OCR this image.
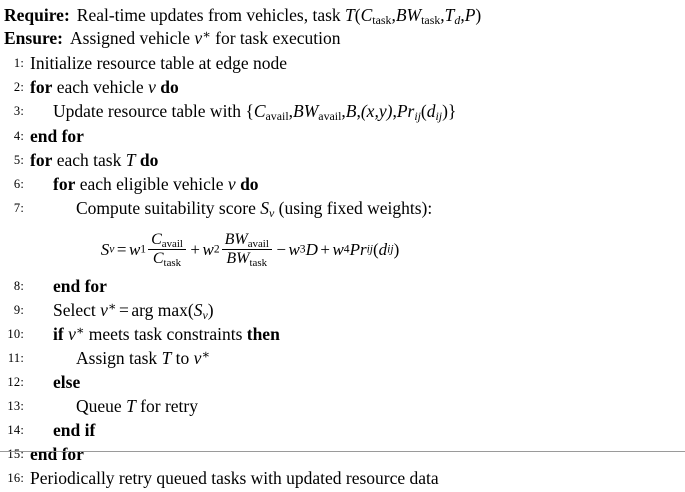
Require: Real-time updates from vehicles, task $T(C_{task},BW_{task},T_d,P)$
Ensure: Assigned vehicle v∗ for task execution
1: Initialize resource table at edge node
2: for each vehicle v do
3: Update resource table with $\{C_{avail},BW_{avail},B,(x,y),Pr_{ij}(d_{ij})\}$
4: end for
5: for each task T do
6: for each eligible vehicle v do
7:	Compute suitability score $S_v$ (using fixed weights):
$Sv = w1 \frac{C_{avail}}{C_{task}} + w2 \frac{BW_{avail}}{BW_{task}} - w3D$ + w4Prij(dij)
8: end for
9: Select v∗ = arg $\max(S_v)$
10: if v∗ meets task constraints then
11:	Assign task T to v∗
12: else
13:	Queue T for retry
14: end if
15: end for
16: Periodically retry queued tasks with updated resource data
